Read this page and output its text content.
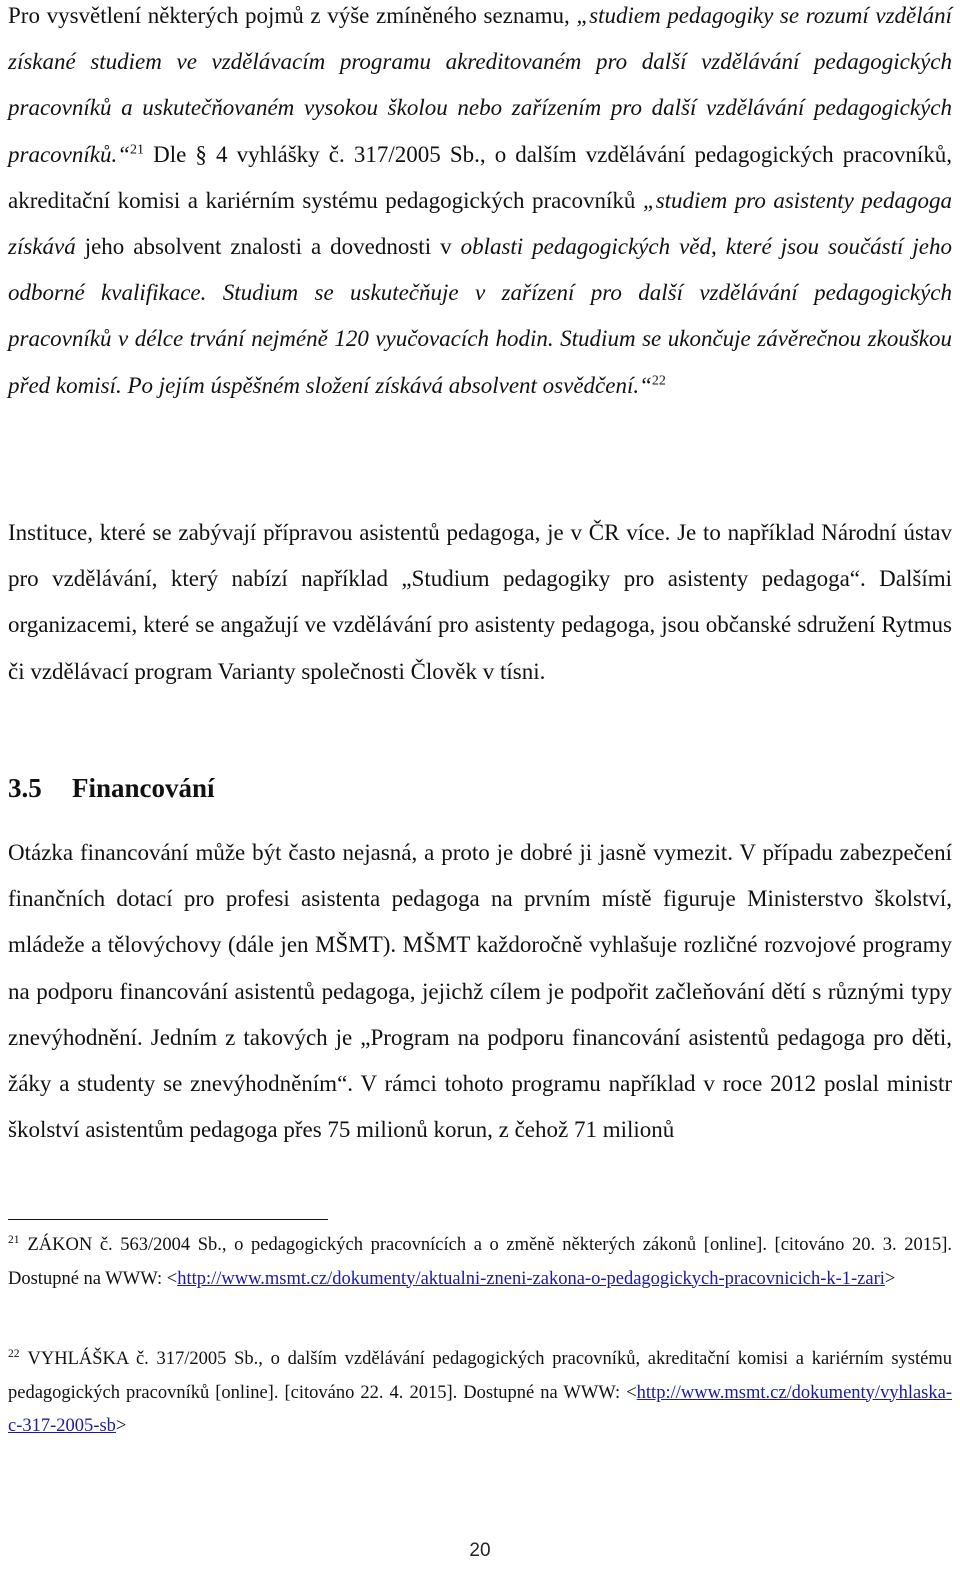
Pro vysvětlení některých pojmů z výše zmíněného seznamu, „studiem pedagogiky se rozumí vzdělání získané studiem ve vzdělávacím programu akreditovaném pro další vzdělávání pedagogických pracovníků a uskutečňovaném vysokou školou nebo zařízením pro další vzdělávání pedagogických pracovníků.“$^{21}$ Dle § 4 vyhlášky č. 317/2005 Sb., o dalším vzdělávání pedagogických pracovníků, akreditační komisi a kariérním systému pedagogických pracovníků „studiem pro asistenty pedagoga získává jeho absolvent znalosti a dovednosti v oblasti pedagogických věd, které jsou součástí jeho odborné kvalifikace. Studium se uskutečňuje v zařízení pro další vzdělávání pedagogických pracovníků v délce trvání nejméně 120 vyučovacích hodin. Studium se ukončuje závěrečnou zkouškou před komisí. Po jejím úspěšném složení získává absolvent osvědčení.“$^{22}$

Instituce, které se zabývají přípravou asistentů pedagoga, je v ČR více. Je to například Národní ústav pro vzdělávání, který nabízí například „Studium pedagogiky pro asistenty pedagoga“. Dalšími organizacemi, které se angažují ve vzdělávání pro asistenty pedagoga, jsou občanské sdružení Rytmus či vzdělávací program Varianty společnosti Člověk v tísni.

3.5 Financování

Otázka financování může být často nejasná, a proto je dobré ji jasně vymezit. V případu zabezpečení finančních dotací pro profesi asistenta pedagoga na prvním místě figuruje Ministerstvo školství, mládeže a tělovýchovy (dále jen MŠMT). MŠMT každoročně vyhlašuje rozličné rozvojové programy na podporu financování asistentů pedagoga, jejichž cílem je podpořit začleňování dětí s různými typy znevýhodnění. Jedním z takových je „Program na podporu financování asistentů pedagoga pro děti, žáky a studenty se znevýhodněním“. V rámci tohoto programu například v roce 2012 poslal ministr školství asistentům pedagoga přes 75 milionů korun, z čehož 71 milionů

$^{21}$ ZÁKON č. 563/2004 Sb., o pedagogických pracovnících a o změně některých zákonů [online]. [citováno 20. 3. 2015]. Dostupné na WWW: <http://www.msmt.cz/dokumenty/aktualni-zneni-zakona-o-pedagogickych-pracovnicich-k-1-zari>

$^{22}$ VYHLÁŠKA č. 317/2005 Sb., o dalším vzdělávání pedagogických pracovníků, akreditační komisi a kariérním systému pedagogických pracovníků [online]. [citováno 22. 4. 2015]. Dostupné na WWW: <http://www.msmt.cz/dokumenty/vyhlaska-c-317-2005-sb>

20
